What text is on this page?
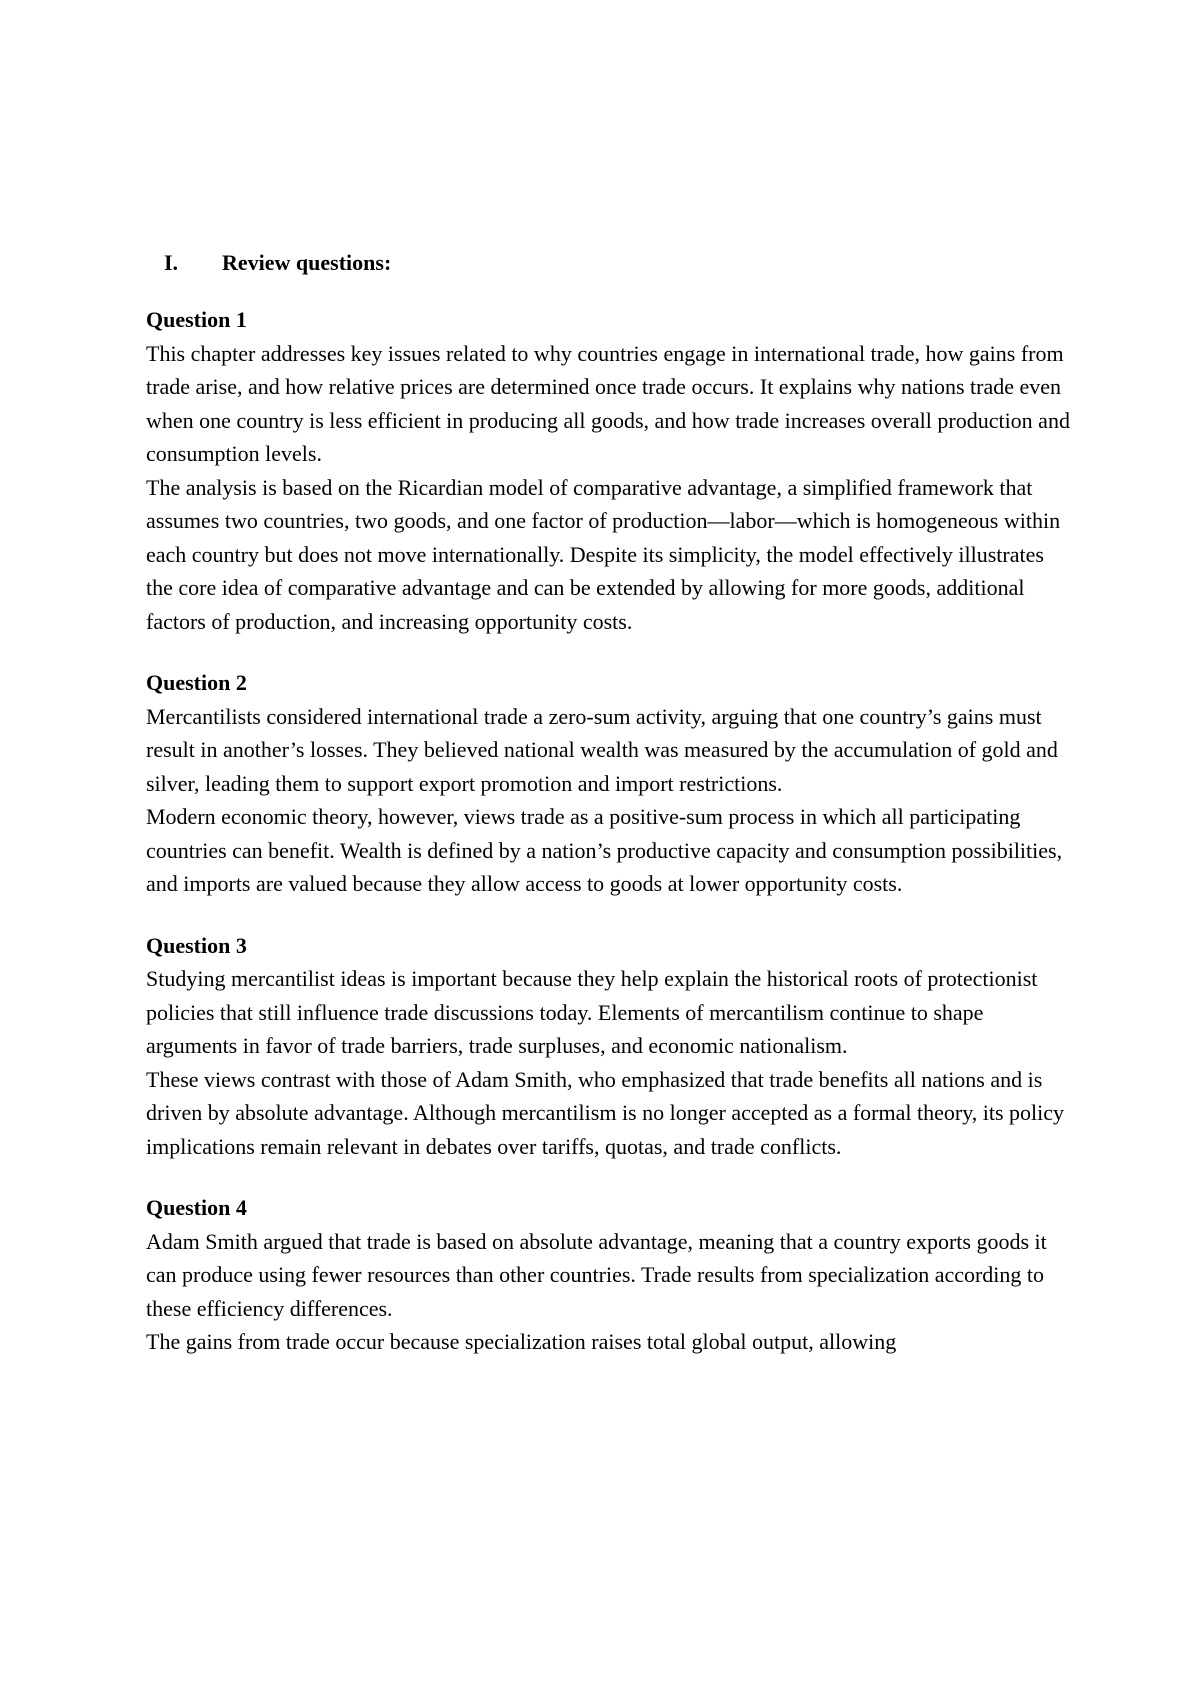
I.	Review questions:

Question 1

This chapter addresses key issues related to why countries engage in international trade, how gains from trade arise, and how relative prices are determined once trade occurs. It explains why nations trade even when one country is less efficient in producing all goods, and how trade increases overall production and consumption levels.

The analysis is based on the Ricardian model of comparative advantage, a simplified framework that assumes two countries, two goods, and one factor of production—labor—which is homogeneous within each country but does not move internationally. Despite its simplicity, the model effectively illustrates the core idea of comparative advantage and can be extended by allowing for more goods, additional factors of production, and increasing opportunity costs.

Question 2

Mercantilists considered international trade a zero-sum activity, arguing that one country’s gains must result in another’s losses. They believed national wealth was measured by the accumulation of gold and silver, leading them to support export promotion and import restrictions.

Modern economic theory, however, views trade as a positive-sum process in which all participating countries can benefit. Wealth is defined by a nation’s productive capacity and consumption possibilities, and imports are valued because they allow access to goods at lower opportunity costs.

Question 3

Studying mercantilist ideas is important because they help explain the historical roots of protectionist policies that still influence trade discussions today. Elements of mercantilism continue to shape arguments in favor of trade barriers, trade surpluses, and economic nationalism.

These views contrast with those of Adam Smith, who emphasized that trade benefits all nations and is driven by absolute advantage. Although mercantilism is no longer accepted as a formal theory, its policy implications remain relevant in debates over tariffs, quotas, and trade conflicts.

Question 4

Adam Smith argued that trade is based on absolute advantage, meaning that a country exports goods it can produce using fewer resources than other countries. Trade results from specialization according to these efficiency differences.

The gains from trade occur because specialization raises total global output, allowing
